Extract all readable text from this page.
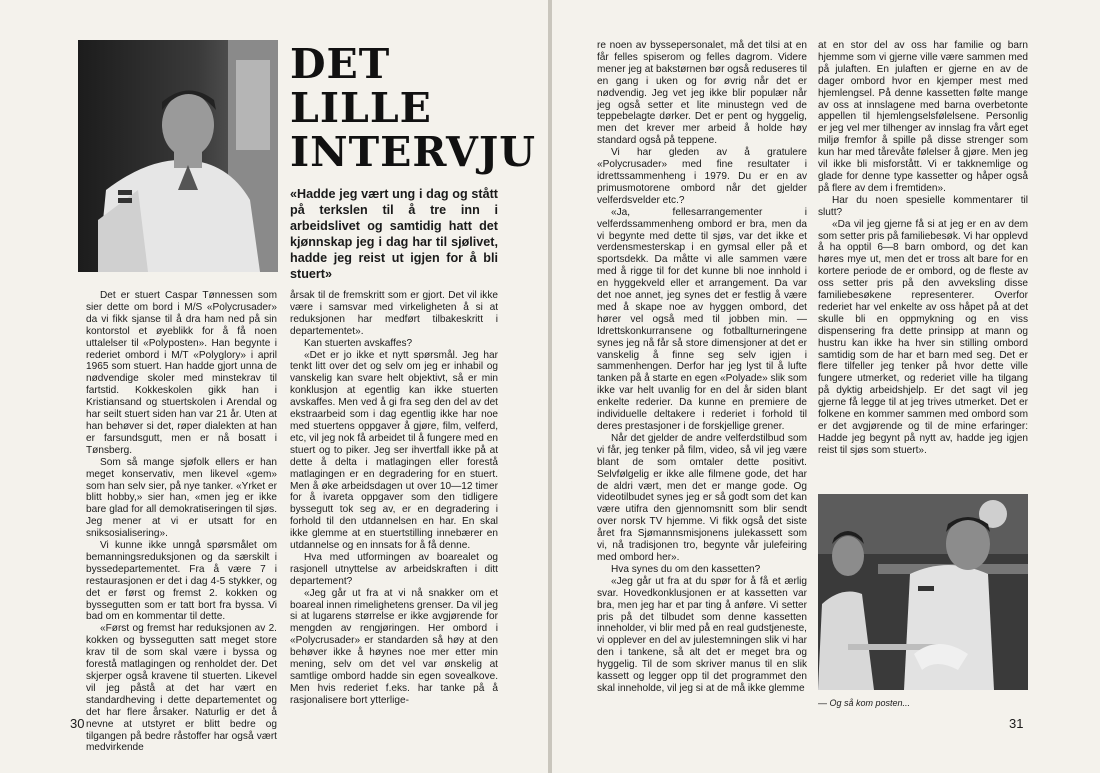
DET
LILLE
INTERVJU
«Hadde jeg vært ung i dag og stått på terkslen til å tre inn i arbeidslivet og samtidig hatt det kjønnskap jeg i dag har til sjølivet, hadde jeg reist ut igjen for å bli stuert»

Det er stuert Caspar Tønnessen som sier dette om bord i M/S «Polycrusader» da vi fikk sjanse til å dra ham ned på sin kontorstol et øyeblikk for å få noen uttalelser til «Polyposten». Han begynte i rederiet ombord i M/T «Polyglory» i april 1965 som stuert. Han hadde gjort unna de nødvendige skoler med minstekrav til fartstid. Kokkeskolen gikk han i Kristiansand og stuertskolen i Arendal og har seilt stuert siden han var 21 år. Uten at han behøver si det, røper dialekten at han er farsundsgutt, men er nå bosatt i Tønsberg.

Som så mange sjøfolk ellers er han meget konservativ, men likevel «gem» som han selv sier, på nye tanker. «Yrket er blitt hobby,» sier han, «men jeg er ikke bare glad for all demokratiseringen til sjøs. Jeg mener at vi er utsatt for en sniksosialisering».

Vi kunne ikke unngå spørsmålet om bemanningsreduksjonen og da særskilt i byssedepartementet. Fra å være 7 i restaurasjonen er det i dag 4-5 stykker, og det er først og fremst 2. kokken og byssegutten som er tatt bort fra byssa. Vi bad om en kommentar til dette.

«Først og fremst har reduksjonen av 2. kokken og byssegutten satt meget store krav til de som skal være i byssa og forestå matlagingen og renholdet der. Det skjerper også kravene til stuerten. Likevel vil jeg påstå at det har vært en standardheving i dette departementet og det har flere årsaker. Naturlig er det å nevne at utstyret er blitt bedre og tilgangen på bedre råstoffer har også vært medvirkende

årsak til de fremskritt som er gjort. Det vil ikke være i samsvar med virkeligheten å si at reduksjonen har medført tilbakeskritt i departementet».

Kan stuerten avskaffes?

«Det er jo ikke et nytt spørsmål. Jeg har tenkt litt over det og selv om jeg er inhabil og vanskelig kan svare helt objektivt, så er min konklusjon at egentlig kan ikke stuerten avskaffes. Men ved å gi fra seg den del av det ekstraarbeid som i dag egentlig ikke har noe med stuertens oppgaver å gjøre, film, velferd, etc, vil jeg nok få arbeidet til å fungere med en stuert og to piker. Jeg ser ihvertfall ikke på at dette å delta i matlagingen eller forestå matlagingen er en degradering for en stuert. Men å øke arbeidsdagen ut over 10—12 timer for å ivareta oppgaver som den tidligere byssegutt tok seg av, er en degradering i forhold til den utdannelsen en har. En skal ikke glemme at en stuertstilling innebærer en utdannelse og en innsats for å få denne.

Hva med utformingen av boarealet og rasjonell utnyttelse av arbeidskraften i ditt departement?

«Jeg går ut fra at vi nå snakker om et boareal innen rimelighetens grenser. Da vil jeg si at lugarens størrelse er ikke avgjørende for mengden av rengjøringen. Her ombord i «Polycrusader» er standarden så høy at den behøver ikke å høynes noe mer etter min mening, selv om det vel var ønskelig at samtlige ombord hadde sin egen sovealkove. Men hvis rederiet f.eks. har tanke på å rasjonalisere bort ytterlige-

30

re noen av byssepersonalet, må det tilsi at en får felles spiserom og felles dagrom. Videre mener jeg at bakstørnen bør også reduseres til en gang i uken og for øvrig når det er nødvendig. Jeg vet jeg ikke blir populær når jeg også setter et lite minustegn ved de teppebelagte dørker. Det er pent og hyggelig, men det krever mer arbeid å holde høy standard også på teppene.

Vi har gleden av å gratulere «Polycrusader» med fine resultater i idrettssammenheng i 1979. Du er en av primusmotorene ombord når det gjelder velferdsvelder etc.?

«Ja, fellesarrangementer i velferdssammenheng ombord er bra, men da vi begynte med dette til sjøs, var det ikke et verdensmesterskap i en gymsal eller på et sportsdekk. Da måtte vi alle sammen være med å rigge til for det kunne bli noe innhold i en hyggekveld eller et arrangement. Da var det noe annet, jeg synes det er festlig å være med å skape noe av hyggen ombord, det hører vel også med til jobben min. — Idrettskonkurransene og fotballturneringene synes jeg nå får så store dimensjoner at det er vanskelig å finne seg selv igjen i sammenhengen. Derfor har jeg lyst til å lufte tanken på å starte en egen «Polyade» slik som ikke var helt uvanlig for en del år siden blant enkelte rederier. Da kunne en premiere de individuelle deltakere i rederiet i forhold til deres prestasjoner i de forskjellige grener.

Når det gjelder de andre velferdstilbud som vi får, jeg tenker på film, video, så vil jeg være blant de som omtaler dette positivt. Selvfølgelig er ikke alle filmene gode, det har de aldri vært, men det er mange gode. Og videotilbudet synes jeg er så godt som det kan være utifra den gjennomsnitt som blir sendt over norsk TV hjemme. Vi fikk også det siste året fra Sjømannsmisjonens julekassett som vi, nå tradisjonen tro, begynte vår julefeiring med ombord her».

Hva synes du om den kassetten?

«Jeg går ut fra at du spør for å få et ærlig svar. Hovedkonklusjonen er at kassetten var bra, men jeg har et par ting å anføre. Vi setter pris på det tilbudet som denne kassetten inneholder, vi blir med på en real gudstjeneste, vi opplever en del av julestemningen slik vi har den i tankene, så alt det er meget bra og hyggelig. Til de som skriver manus til en slik kassett og legger opp til det programmet den skal inneholde, vil jeg si at de må ikke glemme

at en stor del av oss har familie og barn hjemme som vi gjerne ville være sammen med på julaften. En julaften er gjerne en av de dager ombord hvor en kjemper mest med hjemlengsel. På denne kassetten følte mange av oss at innslagene med barna overbetonte appellen til hjemlengselsfølelsene. Personlig er jeg vel mer tilhenger av innslag fra vårt eget miljø fremfor å spille på disse strenger som kun har med tårevåte følelser å gjøre. Men jeg vil ikke bli misforstått. Vi er takknemlige og glade for denne type kassetter og håper også på flere av dem i fremtiden».

Har du noen spesielle kommentarer til slutt?

«Da vil jeg gjerne få si at jeg er en av dem som setter pris på familiebesøk. Vi har opplevd å ha opptil 6—8 barn ombord, og det kan høres mye ut, men det er tross alt bare for en kortere periode de er ombord, og de fleste av oss setter pris på den avveksling disse familiebesøkene representerer. Overfor rederiet har vel enkelte av oss håpet på at det skulle bli en oppmykning og en viss dispensering fra dette prinsipp at mann og hustru kan ikke ha hver sin stilling ombord samtidig som de har et barn med seg. Det er flere tilfeller jeg tenker på hvor dette ville fungere utmerket, og rederiet ville ha tilgang på dyktig arbeidshjelp. Er det sagt vil jeg gjerne få legge til at jeg trives utmerket. Det er folkene en kommer sammen med ombord som er det avgjørende og til de mine erfaringer: Hadde jeg begynt på nytt av, hadde jeg igjen reist til sjøs som stuert».

— Og så kom posten...
31
